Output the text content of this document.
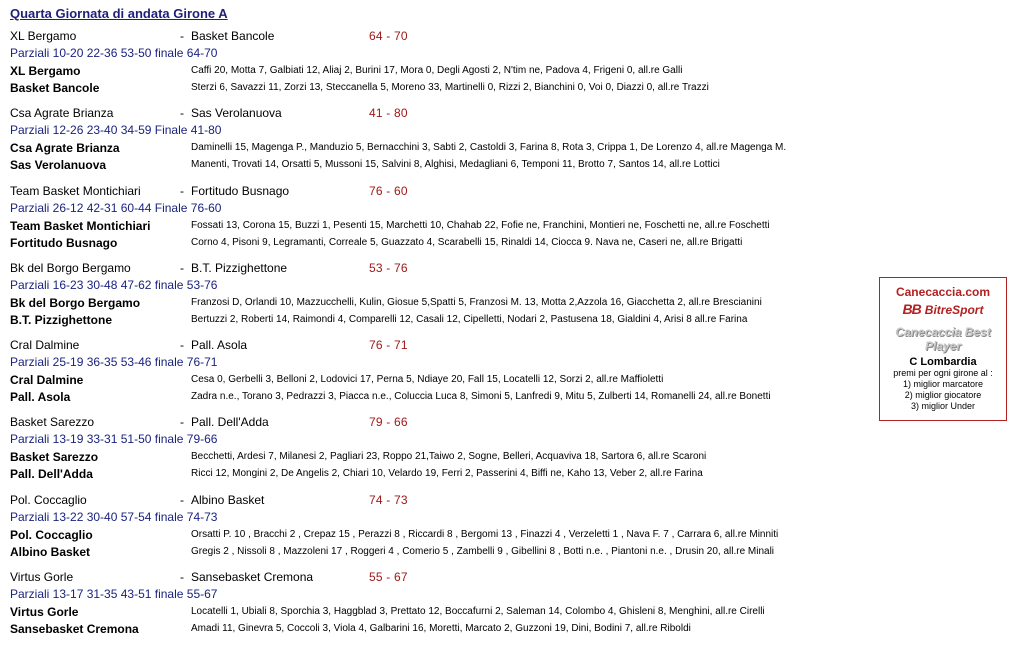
Quarta Giornata di andata Girone A
XL Bergamo	- Basket Bancole	64 - 70
Parziali 10-20 22-36 53-50 finale 64-70
XL Bergamo	Caffi 20, Motta 7, Galbiati 12, Aliaj 2, Burini 17, Mora 0, Degli Agosti 2, N'tim ne, Padova 4, Frigeni 0, all.re Galli
Basket Bancole	Sterzi 6, Savazzi 11, Zorzi 13, Steccanella 5, Moreno 33, Martinelli 0, Rizzi 2, Bianchini 0, Voi 0, Diazzi 0, all.re Trazzi
Csa Agrate Brianza	- Sas Verolanuova	41 - 80
Parziali 12-26 23-40 34-59 Finale 41-80
Csa Agrate Brianza	Daminelli 15, Magenga P., Manduzio 5, Bernacchini 3, Sabti 2, Castoldi 3, Farina 8, Rota 3, Crippa 1, De Lorenzo 4, all.re Magenga M.
Sas Verolanuova	Manenti, Trovati 14, Orsatti 5, Mussoni 15, Salvini 8, Alghisi, Medagliani 6, Temponi 11, Brotto 7, Santos 14, all.re Lottici
Team Basket Montichiari	- Fortitudo Busnago	76 - 60
Parziali 26-12 42-31 60-44 Finale 76-60
Team Basket Montichiari	Fossati 13, Corona 15, Buzzi 1, Pesenti 15, Marchetti 10, Chahab 22, Fofie ne, Franchini, Montieri ne, Foschetti ne, all.re Foschetti
Fortitudo Busnago	Corno 4, Pisoni 9, Legramanti, Correale 5, Guazzato 4, Scarabelli 15, Rinaldi 14, Ciocca 9. Nava ne, Caseri ne, all.re Brigatti
Bk del Borgo Bergamo	- B.T. Pizzighettone	53 - 76
Parziali 16-23 30-48 47-62 finale 53-76
Bk del Borgo Bergamo	Franzosi D, Orlandi 10, Mazzucchelli, Kulin, Giosue 5,Spatti 5, Franzosi M. 13, Motta 2,Azzola 16, Giacchetta 2, all.re Brescianini
B.T. Pizzighettone	Bertuzzi 2, Roberti 14, Raimondi 4, Comparelli 12, Casali 12, Cipelletti, Nodari 2, Pastusena 18, Gialdini 4, Arisi 8 all.re Farina
Cral Dalmine	- Pall. Asola	76 - 71
Parziali 25-19 36-35 53-46 finale 76-71
Cral Dalmine	Cesa 0, Gerbelli 3, Belloni 2, Lodovici 17, Perna 5, Ndiaye 20, Fall 15, Locatelli 12, Sorzi 2, all.re Maffioletti
Pall. Asola	Zadra n.e., Torano 3, Pedrazzi 3, Piacca n.e., Coluccia Luca 8, Simoni 5, Lanfredi 9, Mitu 5, Zulberti 14, Romanelli 24, all.re Bonetti
Basket Sarezzo	- Pall. Dell'Adda	79 - 66
Parziali 13-19 33-31 51-50 finale 79-66
Basket Sarezzo	Becchetti, Ardesi 7, Milanesi 2, Pagliari 23, Roppo 21,Taiwo 2, Sogne, Belleri, Acquaviva 18, Sartora 6, all.re Scaroni
Pall. Dell'Adda	Ricci 12, Mongini 2, De Angelis 2, Chiari 10, Velardo 19, Ferri 2, Passerini 4, Biffi ne, Kaho 13, Veber 2, all.re Farina
Pol. Coccaglio	- Albino Basket	74 - 73
Parziali 13-22 30-40 57-54 finale 74-73
Pol. Coccaglio	Orsatti P. 10 , Bracchi 2 , Crepaz 15 , Perazzi 8 , Riccardi 8 , Bergomi 13 , Finazzi 4 , Verzeletti 1 , Nava F. 7 , Carrara 6, all.re Minniti
Albino Basket	Gregis 2 , Nissoli 8 , Mazzoleni 17 , Roggeri 4 , Comerio 5 , Zambelli 9 , Gibellini 8 , Botti n.e. , Piantoni n.e. , Drusin 20, all.re Minali
Virtus Gorle	- Sansebasket Cremona	55 - 67
Parziali 13-17 31-35 43-51 finale 55-67
Virtus Gorle	Locatelli 1, Ubiali 8, Sporchia 3, Haggblad 3, Prettato 12, Boccafurni 2, Saleman 14, Colombo 4, Ghisleni 8, Menghini, all.re Cirelli
Sansebasket Cremona	Amadi 11, Ginevra 5, Coccoli 3, Viola 4, Galbarini 16, Moretti, Marcato 2, Guzzoni 19, Dini, Bodini 7, all.re Riboldi
Canecaccia.com
BB BitreSport
Canecaccia Best Player
C Lombardia
premi per ogni girone al :
1) miglior marcatore
2) miglior giocatore
3) miglior Under
